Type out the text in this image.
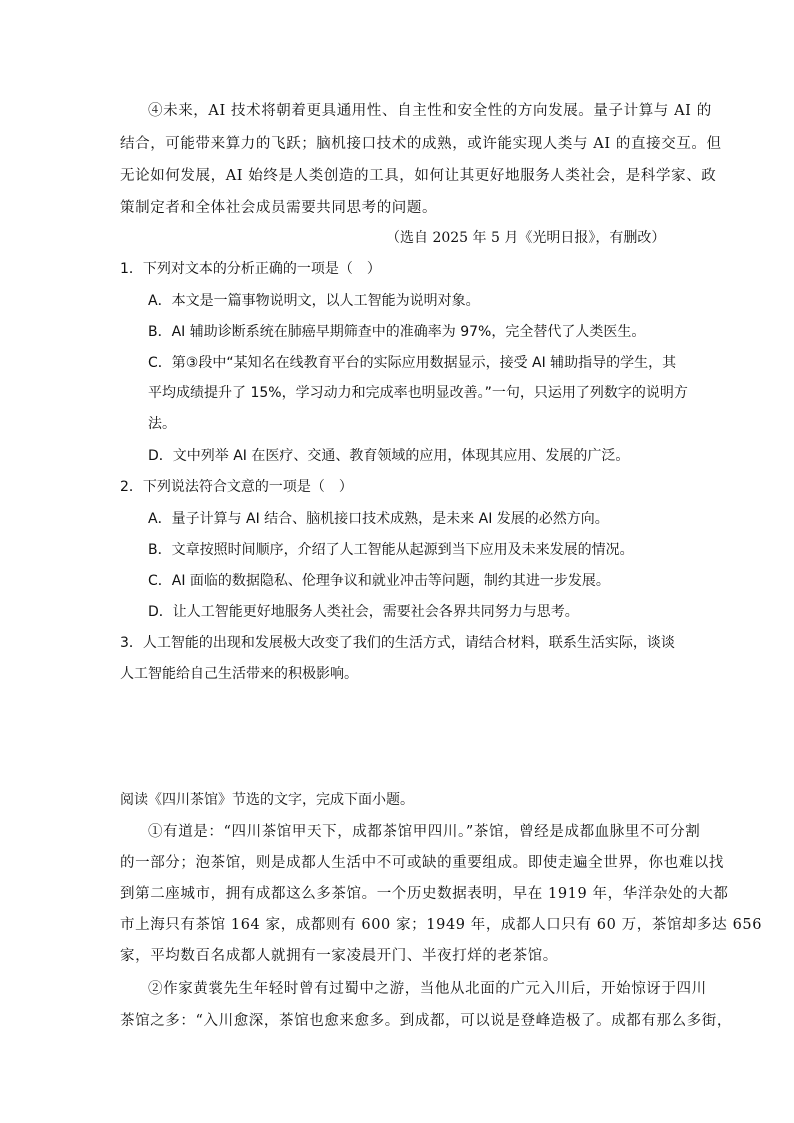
④未来，AI 技术将朝着更具通用性、自主性和安全性的方向发展。量子计算与 AI 的
结合，可能带来算力的飞跃；脑机接口技术的成熟，或许能实现人类与 AI 的直接交互。但
无论如何发展，AI 始终是人类创造的工具，如何让其更好地服务人类社会，是科学家、政
策制定者和全体社会成员需要共同思考的问题。
（选自 2025 年 5 月《光明日报》，有删改）
1．下列对文本的分析正确的一项是（　）
A．本文是一篇事物说明文，以人工智能为说明对象。
B．AI 辅助诊断系统在肺癌早期筛查中的准确率为 97%，完全替代了人类医生。
C．第③段中“某知名在线教育平台的实际应用数据显示，接受 AI 辅助指导的学生，其
平均成绩提升了 15%，学习动力和完成率也明显改善。”一句，只运用了列数字的说明方
法。
D．文中列举 AI 在医疗、交通、教育领域的应用，体现其应用、发展的广泛。
2．下列说法符合文意的一项是（　）
A．量子计算与 AI 结合、脑机接口技术成熟，是未来 AI 发展的必然方向。
B．文章按照时间顺序，介绍了人工智能从起源到当下应用及未来发展的情况。
C．AI 面临的数据隐私、伦理争议和就业冲击等问题，制约其进一步发展。
D．让人工智能更好地服务人类社会，需要社会各界共同努力与思考。
3．人工智能的出现和发展极大改变了我们的生活方式，请结合材料，联系生活实际，谈谈
人工智能给自己生活带来的积极影响。
阅读《四川茶馆》节选的文字，完成下面小题。
①有道是：“四川茶馆甲天下，成都茶馆甲四川。”茶馆，曾经是成都血脉里不可分割
的一部分；泡茶馆，则是成都人生活中不可或缺的重要组成。即使走遍全世界，你也难以找
到第二座城市，拥有成都这么多茶馆。一个历史数据表明，早在 1919 年，华洋杂处的大都
市上海只有茶馆 164 家，成都则有 600 家；1949 年，成都人口只有 60 万，茶馆却多达 656
家，平均数百名成都人就拥有一家凌晨开门、半夜打烊的老茶馆。
②作家黄裳先生年轻时曾有过蜀中之游，当他从北面的广元入川后，开始惊讶于四川
茶馆之多：“入川愈深，茶馆也愈来愈多。到成都，可以说是登峰造极了。成都有那么多街，
